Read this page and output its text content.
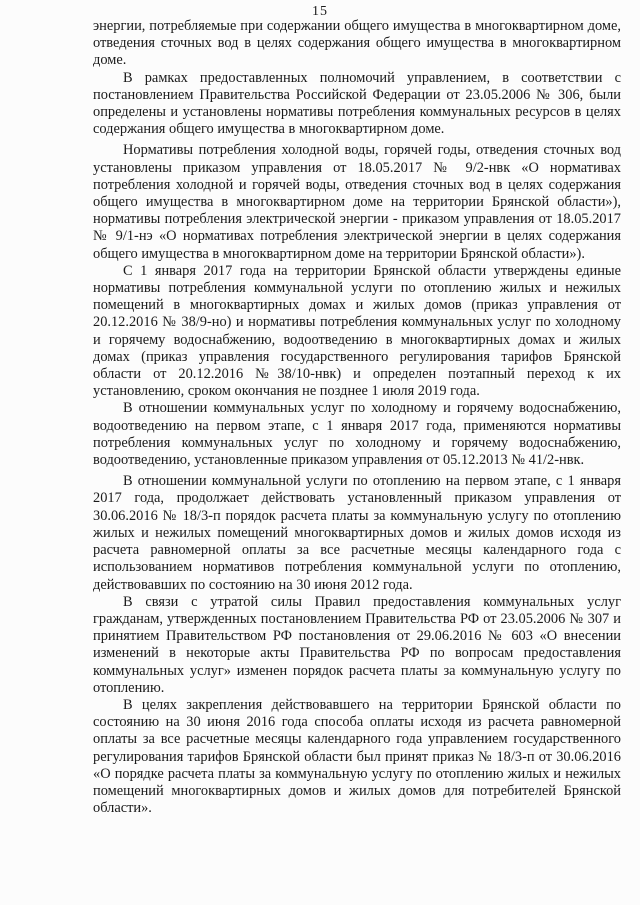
15

энергии, потребляемые при содержании общего имущества в многоквартирном доме, отведения сточных вод в целях содержания общего имущества в многоквартирном доме.

В рамках предоставленных полномочий управлением, в соответствии с постановлением Правительства Российской Федерации от 23.05.2006 № 306, были определены и установлены нормативы потребления коммунальных ресурсов в целях содержания общего имущества в многоквартирном доме.

Нормативы потребления холодной воды, горячей годы, отведения сточных вод установлены приказом управления от 18.05.2017 № 9/2-нвк «О нормативах потребления холодной и горячей воды, отведения сточных вод в целях содержания общего имущества в многоквартирном доме на территории Брянской области»), нормативы потребления электрической энергии - приказом управления от 18.05.2017 № 9/1-нэ «О нормативах потребления электрической энергии в целях содержания общего имущества в многоквартирном доме на территории Брянской области»).

С 1 января 2017 года на территории Брянской области утверждены единые нормативы потребления коммунальной услуги по отоплению жилых и нежилых помещений в многоквартирных домах и жилых домов (приказ управления от 20.12.2016 № 38/9-но) и нормативы потребления коммунальных услуг по холодному и горячему водоснабжению, водоотведению в многоквартирных домах и жилых домах (приказ управления государственного регулирования тарифов Брянской области от 20.12.2016 №38/10-нвк) и определен поэтапный переход к их установлению, сроком окончания не позднее 1 июля 2019 года.

В отношении коммунальных услуг по холодному и горячему водоснабжению, водоотведению на первом этапе, с 1 января 2017 года, применяются нормативы потребления коммунальных услуг по холодному и горячему водоснабжению, водоотведению, установленные приказом управления от 05.12.2013 № 41/2-нвк.

В отношении коммунальной услуги по отоплению на первом этапе, с 1 января 2017 года, продолжает действовать установленный приказом управления от 30.06.2016 № 18/3-п порядок расчета платы за коммунальную услугу по отоплению жилых и нежилых помещений многоквартирных домов и жилых домов исходя из расчета равномерной оплаты за все расчетные месяцы календарного года с использованием нормативов потребления коммунальной услуги по отоплению, действовавших по состоянию на 30 июня 2012 года.

В связи с утратой силы Правил предоставления коммунальных услуг гражданам, утвержденных постановлением Правительства РФ от 23.05.2006 № 307 и принятием Правительством РФ постановления от 29.06.2016 № 603 «О внесении изменений в некоторые акты Правительства РФ по вопросам предоставления коммунальных услуг» изменен порядок расчета платы за коммунальную услугу по отоплению.

В целях закрепления действовавшего на территории Брянской области по состоянию на 30 июня 2016 года способа оплаты исходя из расчета равномерной оплаты за все расчетные месяцы календарного года управлением государственного регулирования тарифов Брянской области был принят приказ № 18/3-п от 30.06.2016 «О порядке расчета платы за коммунальную услугу по отоплению жилых и нежилых помещений многоквартирных домов и жилых домов для потребителей Брянской области».
